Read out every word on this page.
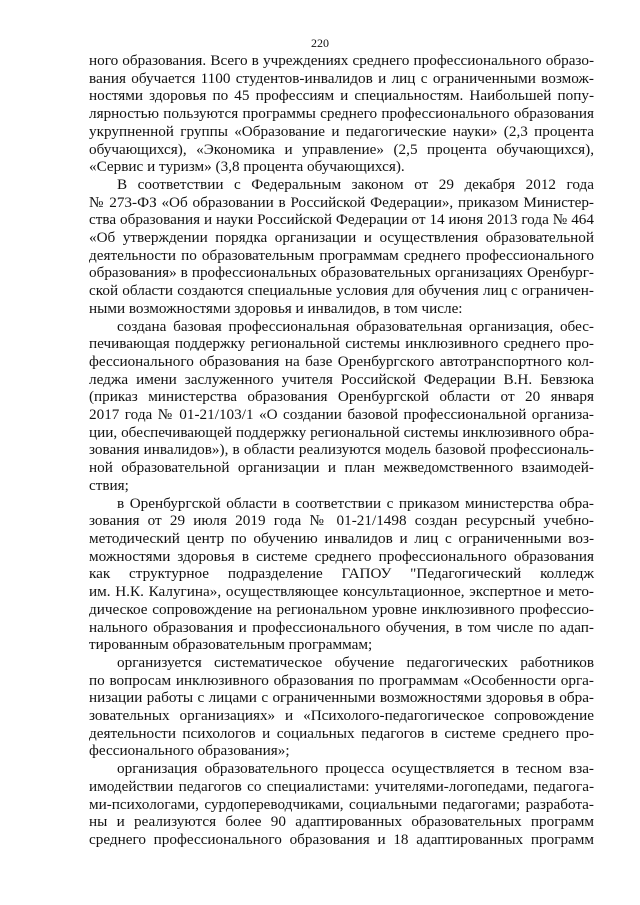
220
ного образования. Всего в учреждениях среднего профессионального образо-
вания обучается 1100 студентов-инвалидов и лиц с ограниченными возмож-
ностями здоровья по 45 профессиям и специальностям. Наибольшей попу-
лярностью пользуются программы среднего профессионального образования
укрупненной группы «Образование и педагогические науки» (2,3 процента
обучающихся), «Экономика и управление» (2,5 процента обучающихся),
«Сервис и туризм» (3,8 процента обучающихся).
В соответствии с Федеральным законом от 29 декабря 2012 года
№ 273-ФЗ «Об образовании в Российской Федерации», приказом Министер-
ства образования и науки Российской Федерации от 14 июня 2013 года № 464
«Об утверждении порядка организации и осуществления образовательной
деятельности по образовательным программам среднего профессионального
образования» в профессиональных образовательных организациях Оренбург-
ской области создаются специальные условия для обучения лиц с ограничен-
ными возможностями здоровья и инвалидов, в том числе:
создана базовая профессиональная образовательная организация, обес-
печивающая поддержку региональной системы инклюзивного среднего про-
фессионального образования на базе Оренбургского автотранспортного кол-
леджа имени заслуженного учителя Российской Федерации В.Н. Бевзюка
(приказ министерства образования Оренбургской области от 20 января
2017 года № 01-21/103/1 «О создании базовой профессиональной организа-
ции, обеспечивающей поддержку региональной системы инклюзивного обра-
зования инвалидов»), в области реализуются модель базовой профессиональ-
ной образовательной организации и план межведомственного взаимодей-
ствия;
в Оренбургской области в соответствии с приказом министерства обра-
зования от 29 июля 2019 года № 01-21/1498 создан ресурсный учебно-
методический центр по обучению инвалидов и лиц с ограниченными воз-
можностями здоровья в системе среднего профессионального образования
как структурное подразделение ГАПОУ "Педагогический колледж
им. Н.К. Калугина», осуществляющее консультационное, экспертное и мето-
дическое сопровождение на региональном уровне инклюзивного профессио-
нального образования и профессионального обучения, в том числе по адап-
тированным образовательным программам;
организуется систематическое обучение педагогических работников
по вопросам инклюзивного образования по программам «Особенности орга-
низации работы с лицами с ограниченными возможностями здоровья в обра-
зовательных организациях» и «Психолого-педагогическое сопровождение
деятельности психологов и социальных педагогов в системе среднего про-
фессионального образования»;
организация образовательного процесса осуществляется в тесном вза-
имодействии педагогов со специалистами: учителями-логопедами, педагога-
ми-психологами, сурдопереводчиками, социальными педагогами; разработа-
ны и реализуются более 90 адаптированных образовательных программ
среднего профессионального образования и 18 адаптированных программ
